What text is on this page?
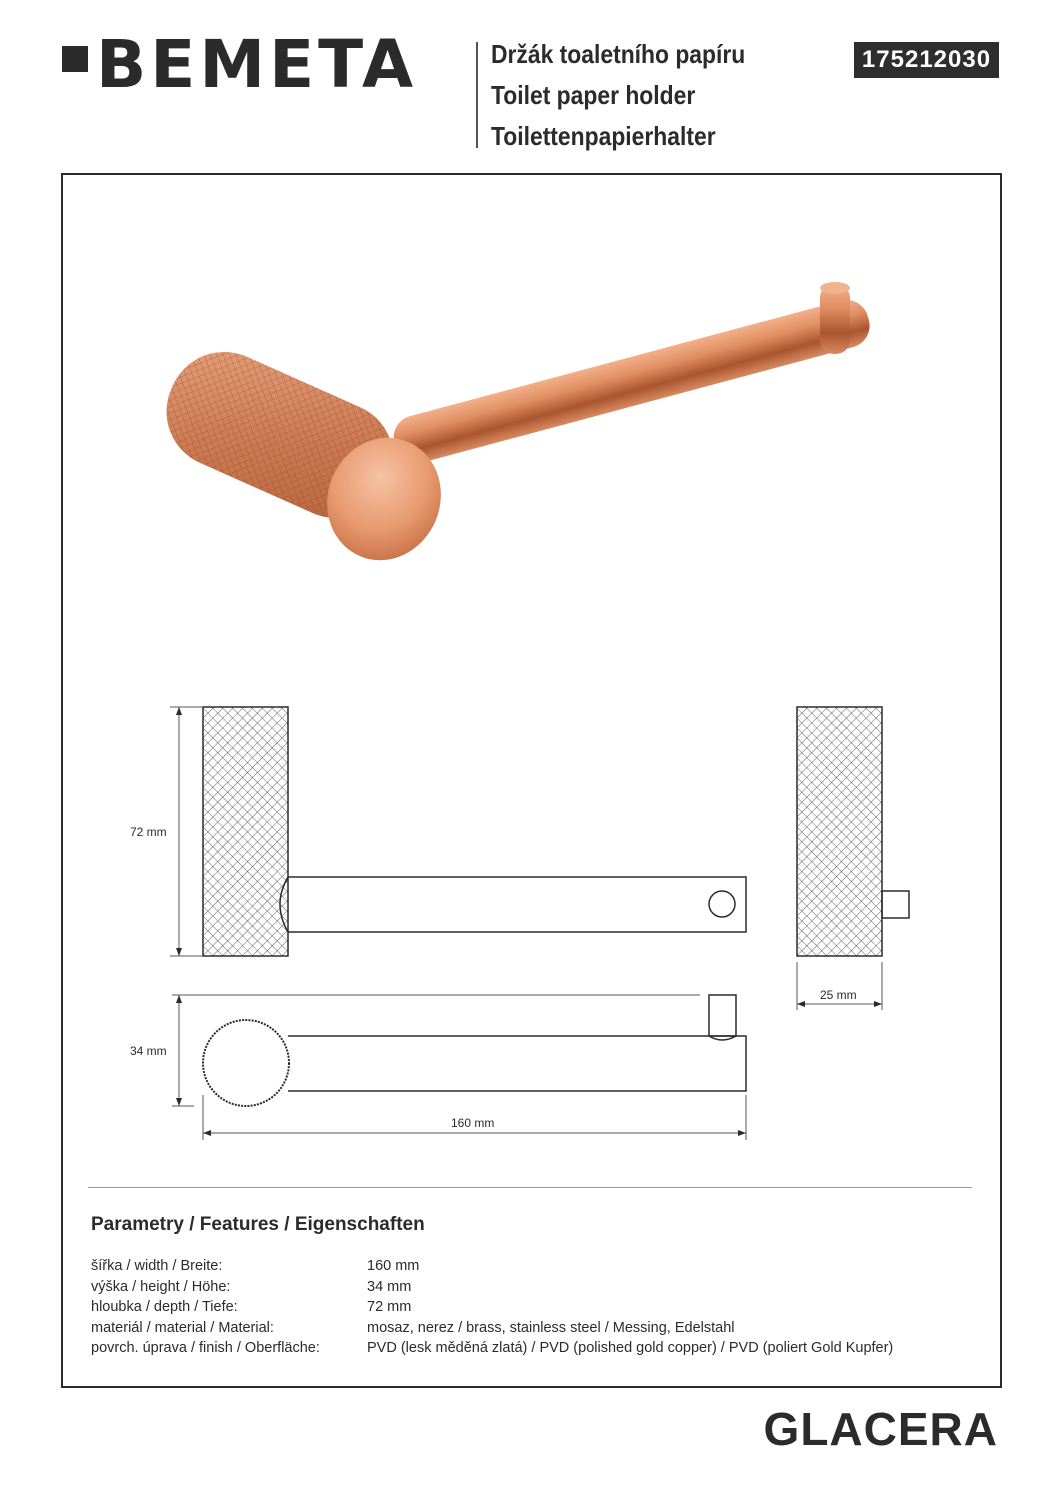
BEMETA	Držák toaletního papíru
Toilet paper holder
Toilettenpapierhalter
175212030
72 mm
34 mm
160 mm
25 mm
Parametry / Features / Eigenschaften
šířka / width / Breite:	160 mm
výška / height / Höhe:	34 mm
hloubka / depth / Tiefe:	72 mm
materiál / material / Material:	mosaz, nerez / brass, stainless steel / Messing, Edelstahl
povrch. úprava / finish / Oberfläche:	PVD (lesk měděná zlatá) / PVD (polished gold copper) / PVD (poliert Gold Kupfer)
GLACERA
